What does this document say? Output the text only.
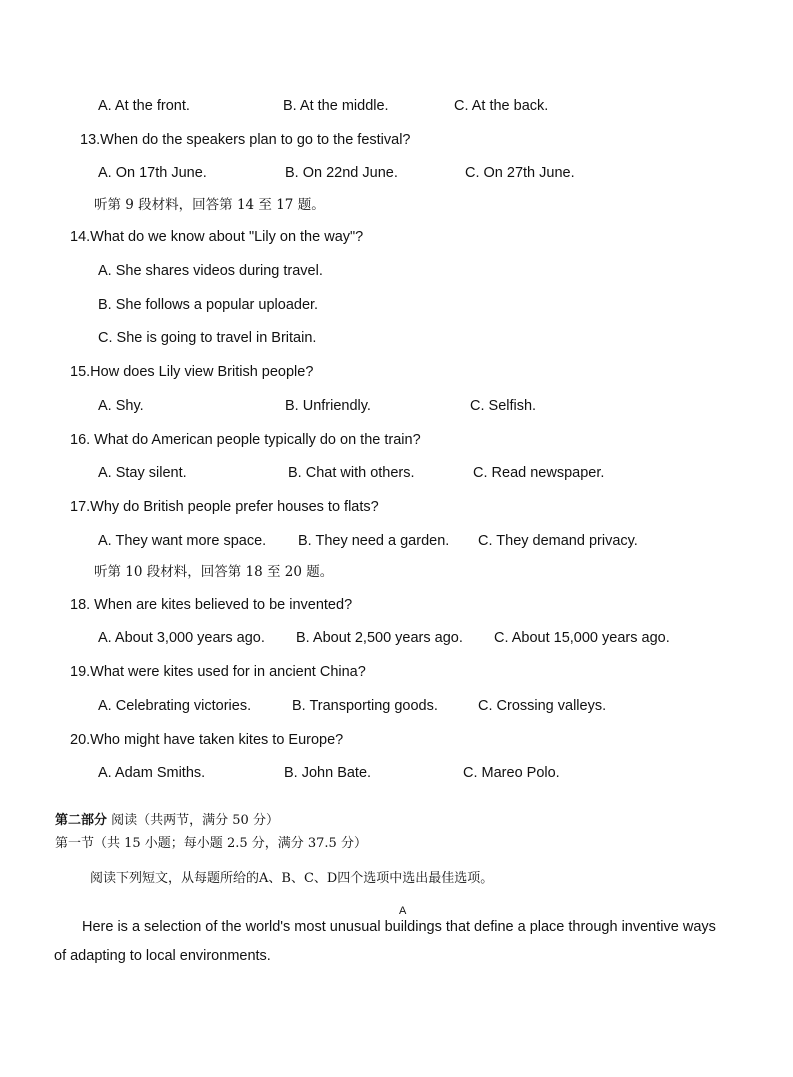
A. At the front.	B. At the middle.	C. At the back.
13.When do the speakers plan to go to the festival?
A. On 17th June.	B. On 22nd June.	C. On 27th June.
听第 9 段材料，回答第 14 至 17 题。
14.What do we know about "Lily on the way"?
A. She shares videos during travel.
B. She follows a popular uploader.
C. She is going to travel in Britain.
15.How does Lily view British people?
A. Shy.	B. Unfriendly.	C. Selfish.
16. What do American people typically do on the train?
A. Stay silent.	B. Chat with others.	C. Read newspaper.
17.Why do British people prefer houses to flats?
A. They want more space. B. They need a garden. C. They demand privacy.
听第 10 段材料，回答第 18 至 20 题。
18. When are kites believed to be invented?
A. About 3,000 years ago. B. About 2,500 years ago. C. About 15,000 years ago.
19.What were kites used for in ancient China?
A. Celebrating victories.	B. Transporting goods.	C. Crossing valleys.
20.Who might have taken kites to Europe?
A. Adam Smiths.	B. John Bate.	C. Mareo Polo.
第二部分 阅读（共两节，满分 50 分）
第一节（共 15 小题；每小题 2.5 分，满分 37.5 分）
阅读下列短文，从每题所给的A、B、C、D四个选项中选出最佳选项。
A
Here is a selection of the world's most unusual buildings that define a place through inventive ways
of adapting to local environments.
